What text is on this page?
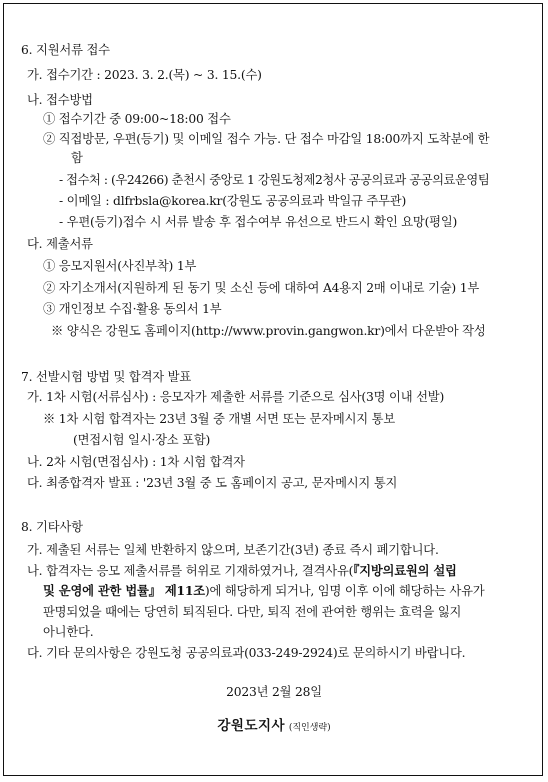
6. 지원서류 접수
가. 접수기간 : 2023. 3. 2.(목) ~ 3. 15.(수)
나. 접수방법
① 접수기간 중 09:00~18:00 접수
② 직접방문, 우편(등기) 및 이메일 접수 가능. 단 접수 마감일 18:00까지 도착분에 한
함
- 접수처 : (우24266) 춘천시 중앙로 1 강원도청제2청사 공공의료과 공공의료운영팀
- 이메일 : dlfrbsla@korea.kr(강원도 공공의료과 박일규 주무관)
- 우편(등기)접수 시 서류 발송 후 접수여부 유선으로 반드시 확인 요망(평일)
다. 제출서류
① 응모지원서(사진부착) 1부
② 자기소개서(지원하게 된 동기 및 소신 등에 대하여 A4용지 2매 이내로 기술) 1부
③ 개인정보 수집·활용 동의서 1부
※ 양식은 강원도 홈페이지(http://www.provin.gangwon.kr)에서 다운받아 작성
7. 선발시험 방법 및 합격자 발표
가. 1차 시험(서류심사) : 응모자가 제출한 서류를 기준으로 심사(3명 이내 선발)
※ 1차 시험 합격자는 23년 3월 중 개별 서면 또는 문자메시지 통보
(면접시험 일시·장소 포함)
나. 2차 시험(면접심사) : 1차 시험 합격자
다. 최종합격자 발표 : '23년 3월 중 도 홈페이지 공고, 문자메시지 통지
8. 기타사항
가. 제출된 서류는 일체 반환하지 않으며, 보존기간(3년) 종료 즉시 폐기합니다.
나. 합격자는 응모 제출서류를 허위로 기재하였거나, 결격사유(『지방의료원의 설립
및 운영에 관한 법률』 제11조)에 해당하게 되거나, 임명 이후 이에 해당하는 사유가
판명되었을 때에는 당연히 퇴직된다. 다만, 퇴직 전에 관여한 행위는 효력을 잃지
아니한다.
다. 기타 문의사항은 강원도청 공공의료과(033-249-2924)로 문의하시기 바랍니다.
2023년 2월 28일
강원도지사 (직인생략)
